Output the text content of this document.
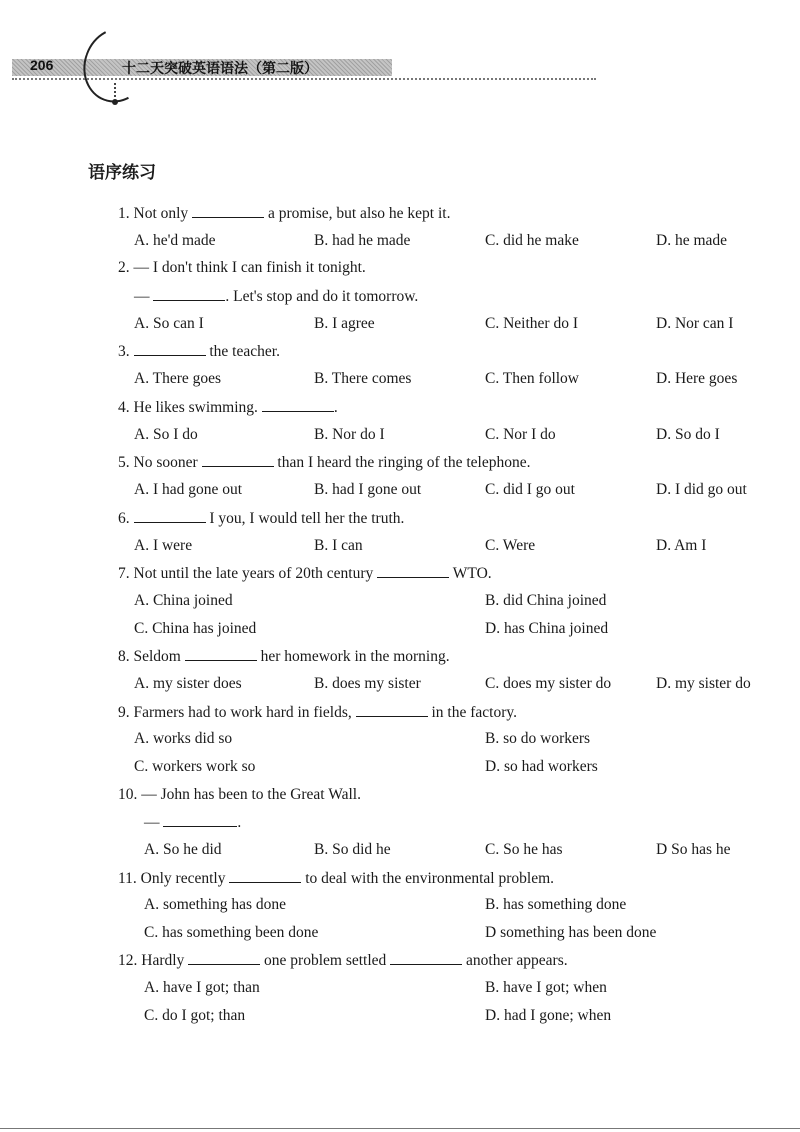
206	十二天突破英语语法（第二版）
语序练习
1. Not only	a promise, but also he kept it.
A. he'd made	B. had he made	C. did he make	D. he made
2. — I don't think I can finish it tonight.
—	. Let's stop and do it tomorrow.
A. So can I	B. I agree	C. Neither do I	D. Nor can I
3.	the teacher.
A. There goes	B. There comes	C. Then follow	D. Here goes
4. He likes swimming.	.
A. So I do	B. Nor do I	C. Nor I do	D. So do I
5. No sooner	than I heard the ringing of the telephone.
A. I had gone out	B. had I gone out	C. did I go out	D. I did go out
6.	I you, I would tell her the truth.
A. I were	B. I can	C. Were	D. Am I
7. Not until the late years of 20th century	WTO.
A. China joined	B. did China joined
C. China has joined	D. has China joined
8. Seldom	her homework in the morning.
A. my sister does	B. does my sister	C. does my sister do	D. my sister do
9. Farmers had to work hard in fields,	in the factory.
A. works did so	B. so do workers
C. workers work so	D. so had workers
10. — John has been to the Great Wall.
—	.
A. So he did	B. So did he	C. So he has	D So has he
11. Only recently	to deal with the environmental problem.
A. something has done	B. has something done
C. has something been done	D something has been done
12. Hardly	one problem settled	another appears.
A. have I got; than	B. have I got; when
C. do I got; than	D. had I gone; when
